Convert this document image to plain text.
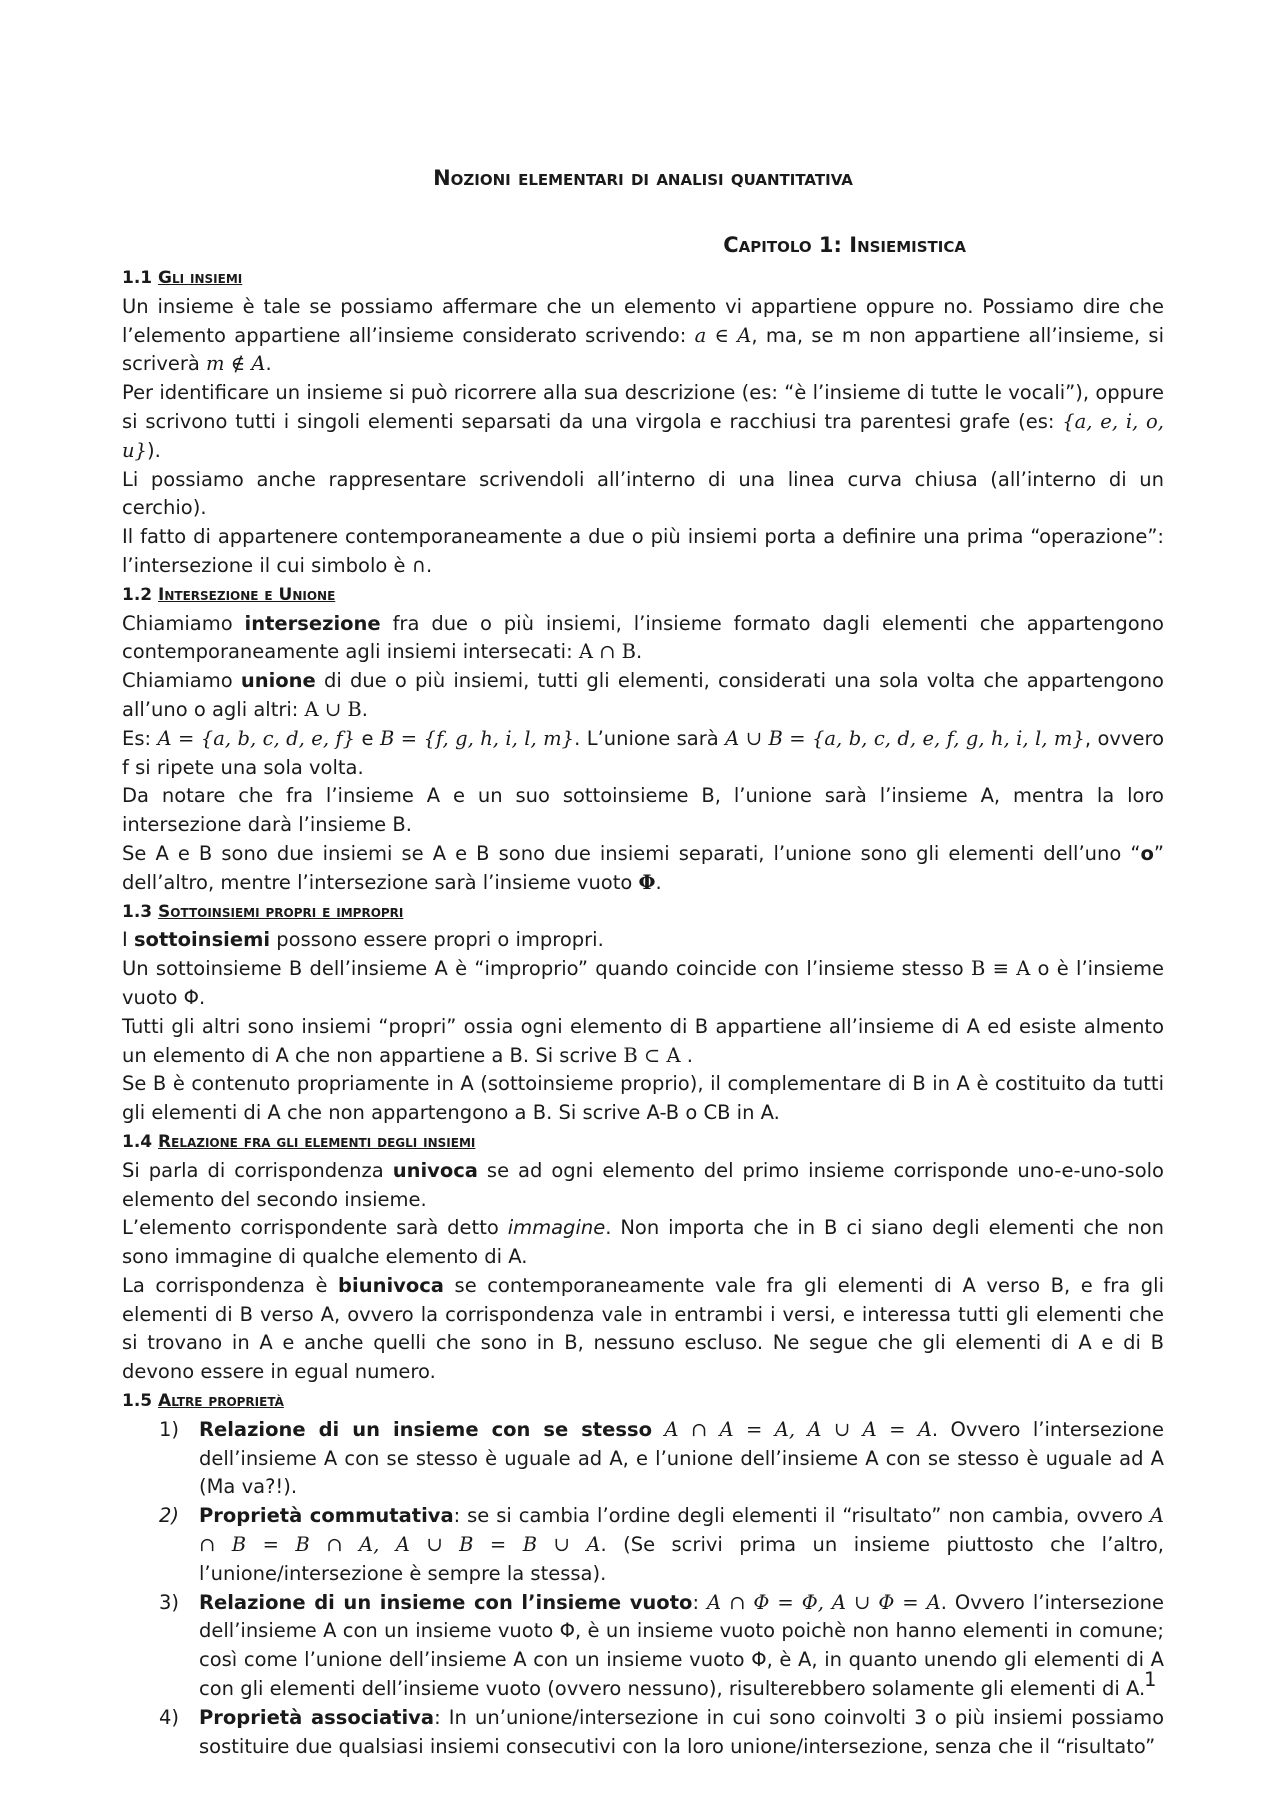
Nozioni elementari di analisi quantitativa
Capitolo 1: Insiemistica
1.1 Gli insiemi

Un insieme è tale se possiamo affermare che un elemento vi appartiene oppure no. Possiamo dire che l’elemento appartiene all’insieme considerato scrivendo: a ∈ A, ma, se m non appartiene all’insieme, si scriverà m ∉ A.

Per identificare un insieme si può ricorrere alla sua descrizione (es: “è l’insieme di tutte le vocali”), oppure si scrivono tutti i singoli elementi separsati da una virgola e racchiusi tra parentesi grafe (es: {a, e, i, o, u}).

Li possiamo anche rappresentare scrivendoli all’interno di una linea curva chiusa (all’interno di un cerchio).

Il fatto di appartenere contemporaneamente a due o più insiemi porta a definire una prima “operazione”: l’intersezione il cui simbolo è ∩.

1.2 Intersezione e Unione

Chiamiamo intersezione fra due o più insiemi, l’insieme formato dagli elementi che appartengono contemporaneamente agli insiemi intersecati: A ∩ B.

Chiamiamo unione di due o più insiemi, tutti gli elementi, considerati una sola volta che appartengono all’uno o agli altri: A ∪ B.

Es: A = {a, b, c, d, e, f} e B = {f, g, h, i, l, m}. L’unione sarà A ∪ B = {a, b, c, d, e, f, g, h, i, l, m}, ovvero f si ripete una sola volta.

Da notare che fra l’insieme A e un suo sottoinsieme B, l’unione sarà l’insieme A, mentra la loro intersezione darà l’insieme B.

Se A e B sono due insiemi se A e B sono due insiemi separati, l’unione sono gli elementi dell’uno “o” dell’altro, mentre l’intersezione sarà l’insieme vuoto Φ.

1.3 Sottoinsiemi propri e impropri

I sottoinsiemi possono essere propri o impropri.

Un sottoinsieme B dell’insieme A è “improprio” quando coincide con l’insieme stesso B ≡ A o è l’insieme vuoto Φ.

Tutti gli altri sono insiemi “propri” ossia ogni elemento di B appartiene all’insieme di A ed esiste almento un elemento di A che non appartiene a B. Si scrive B ⊂ A .

Se B è contenuto propriamente in A (sottoinsieme proprio), il complementare di B in A è costituito da tutti gli elementi di A che non appartengono a B. Si scrive A-B o CB in A.

1.4 Relazione fra gli elementi degli insiemi

Si parla di corrispondenza univoca se ad ogni elemento del primo insieme corrisponde uno-e-uno-solo elemento del secondo insieme.

L’elemento corrispondente sarà detto immagine. Non importa che in B ci siano degli elementi che non sono immagine di qualche elemento di A.

La corrispondenza è biunivoca se contemporaneamente vale fra gli elementi di A verso B, e fra gli elementi di B verso A, ovvero la corrispondenza vale in entrambi i versi, e interessa tutti gli elementi che si trovano in A e anche quelli che sono in B, nessuno escluso. Ne segue che gli elementi di A e di B devono essere in egual numero.

1.5 Altre proprietà
1) Relazione di un insieme con se stesso A ∩ A = A, A ∪ A = A. Ovvero l’intersezione dell’insieme A con se stesso è uguale ad A, e l’unione dell’insieme A con se stesso è uguale ad A (Ma va?!).
2) Proprietà commutativa: se si cambia l’ordine degli elementi il “risultato” non cambia, ovvero A ∩ B = B ∩ A, A ∪ B = B ∪ A. (Se scrivi prima un insieme piuttosto che l’altro, l’unione/intersezione è sempre la stessa).
3) Relazione di un insieme con l’insieme vuoto: A ∩ Φ = Φ, A ∪ Φ = A. Ovvero l’intersezione dell’insieme A con un insieme vuoto Φ, è un insieme vuoto poichè non hanno elementi in comune; così come l’unione dell’insieme A con un insieme vuoto Φ, è A, in quanto unendo gli elementi di A con gli elementi dell’insieme vuoto (ovvero nessuno), risulterebbero solamente gli elementi di A.
4) Proprietà associativa: In un’unione/intersezione in cui sono coinvolti 3 o più insiemi possiamo sostituire due qualsiasi insiemi consecutivi con la loro unione/intersezione, senza che il “risultato”
1
